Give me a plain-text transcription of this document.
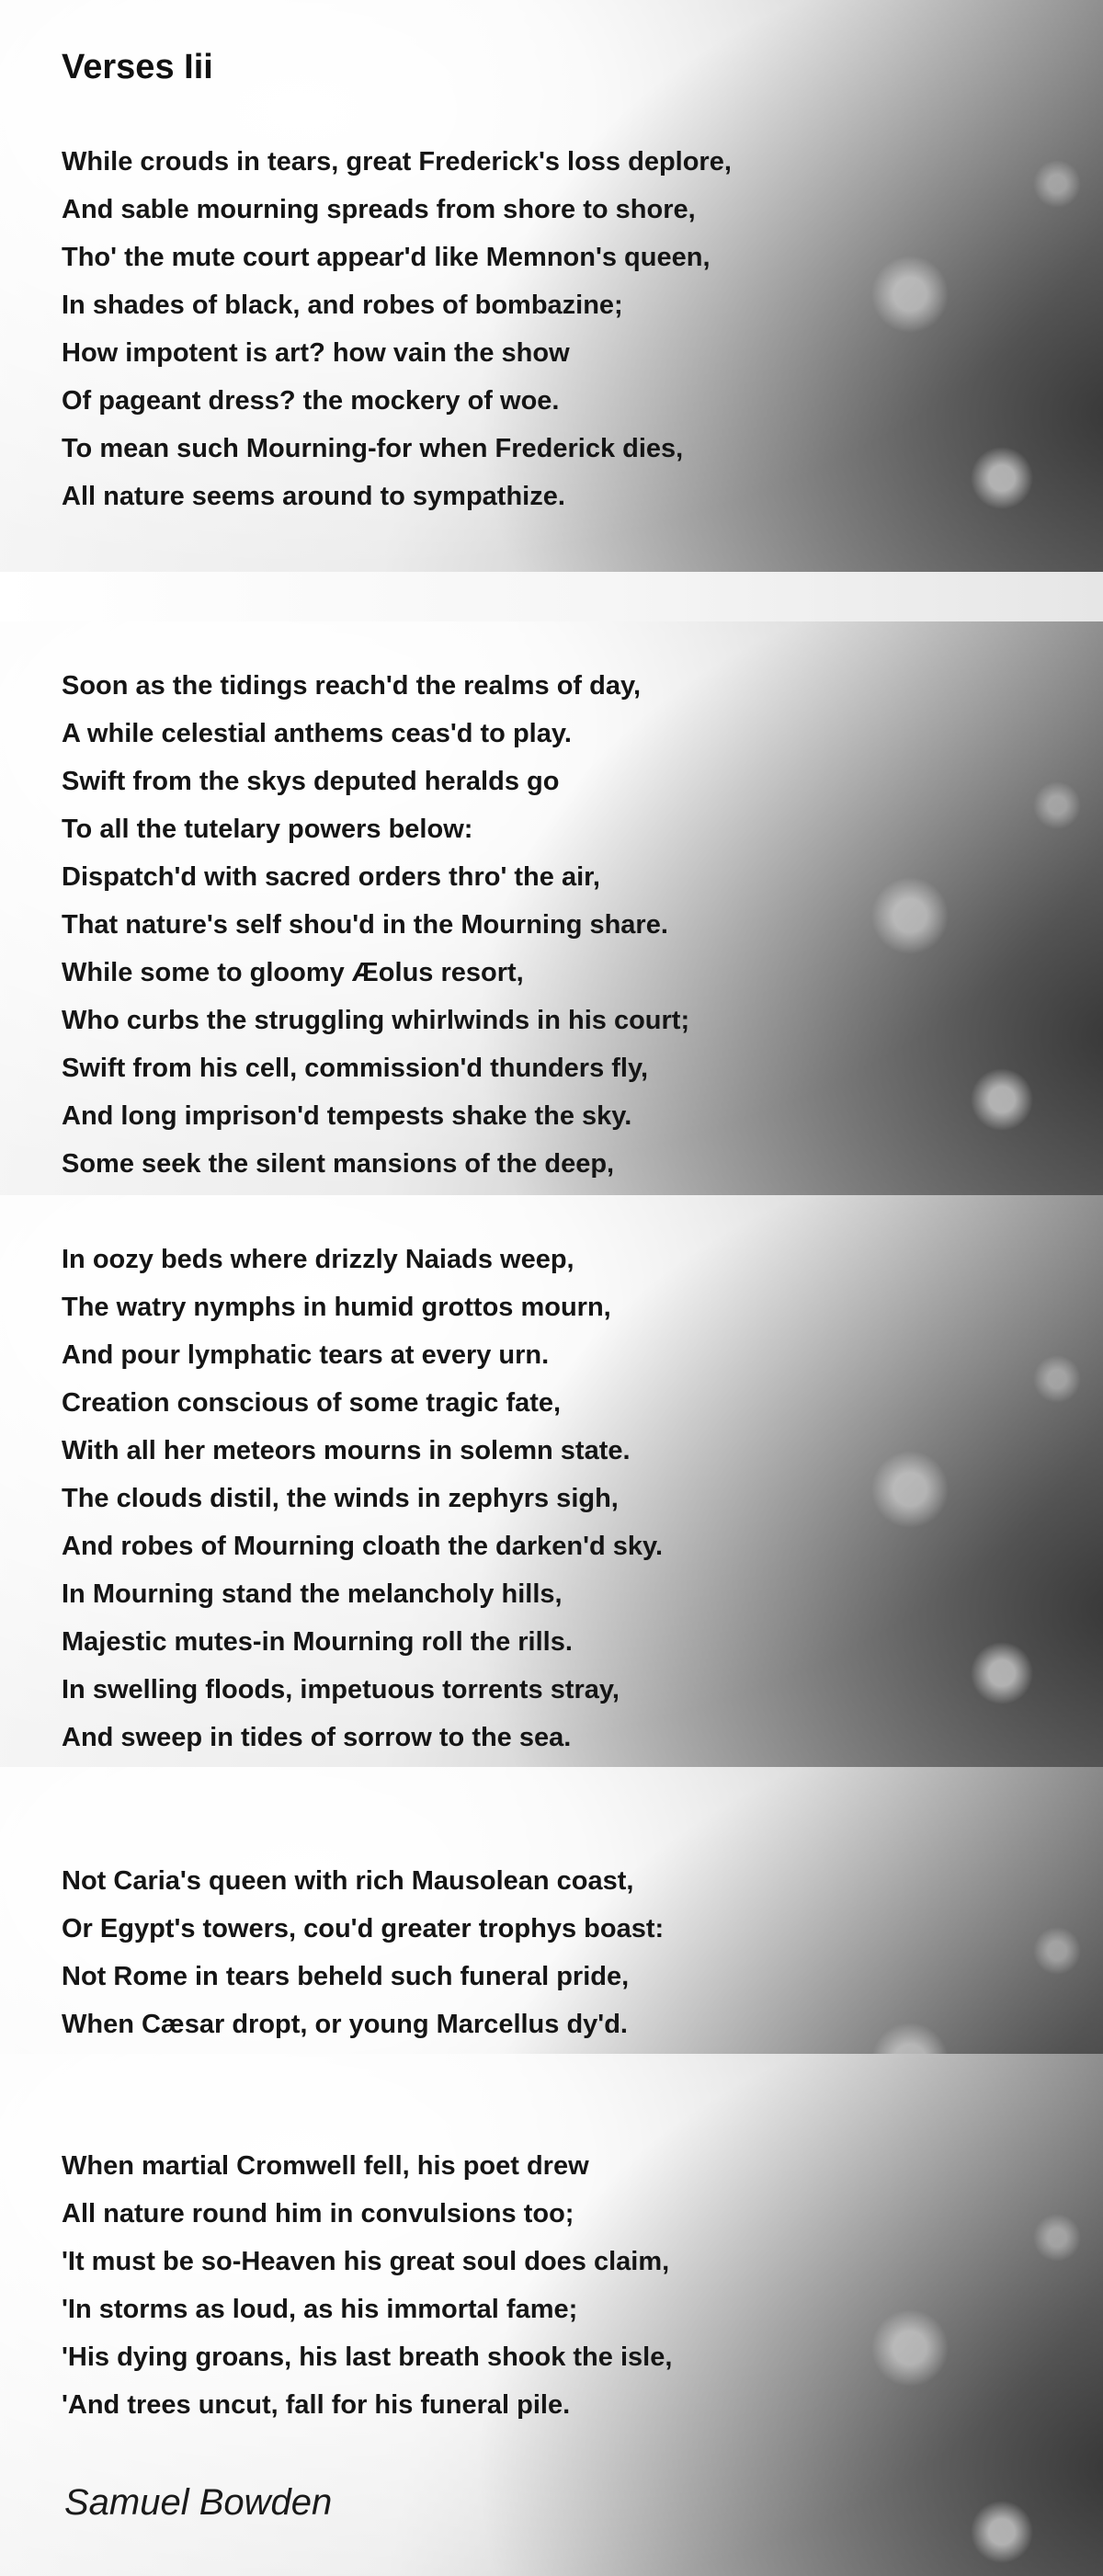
Verses Iii
While crouds in tears, great Frederick's loss deplore,
And sable mourning spreads from shore to shore,
Tho' the mute court appear'd like Memnon's queen,
In shades of black, and robes of bombazine;
How impotent is art? how vain the show
Of pageant dress? the mockery of woe.
To mean such Mourning-for when Frederick dies,
All nature seems around to sympathize.
Soon as the tidings reach'd the realms of day,
A while celestial anthems ceas'd to play.
Swift from the skys deputed heralds go
To all the tutelary powers below:
Dispatch'd with sacred orders thro' the air,
That nature's self shou'd in the Mourning share.
While some to gloomy Æolus resort,
Who curbs the struggling whirlwinds in his court;
Swift from his cell, commission'd thunders fly,
And long imprison'd tempests shake the sky.
Some seek the silent mansions of the deep,
In oozy beds where drizzly Naiads weep,
The watry nymphs in humid grottos mourn,
And pour lymphatic tears at every urn.
Creation conscious of some tragic fate,
With all her meteors mourns in solemn state.
The clouds distil, the winds in zephyrs sigh,
And robes of Mourning cloath the darken'd sky.
In Mourning stand the melancholy hills,
Majestic mutes-in Mourning roll the rills.
In swelling floods, impetuous torrents stray,
And sweep in tides of sorrow to the sea.
Not Caria's queen with rich Mausolean coast,
Or Egypt's towers, cou'd greater trophys boast:
Not Rome in tears beheld such funeral pride,
When Cæsar dropt, or young Marcellus dy'd.
When martial Cromwell fell, his poet drew
All nature round him in convulsions too;
'It must be so-Heaven his great soul does claim,
'In storms as loud, as his immortal fame;
'His dying groans, his last breath shook the isle,
'And trees uncut, fall for his funeral pile.

Samuel Bowden
